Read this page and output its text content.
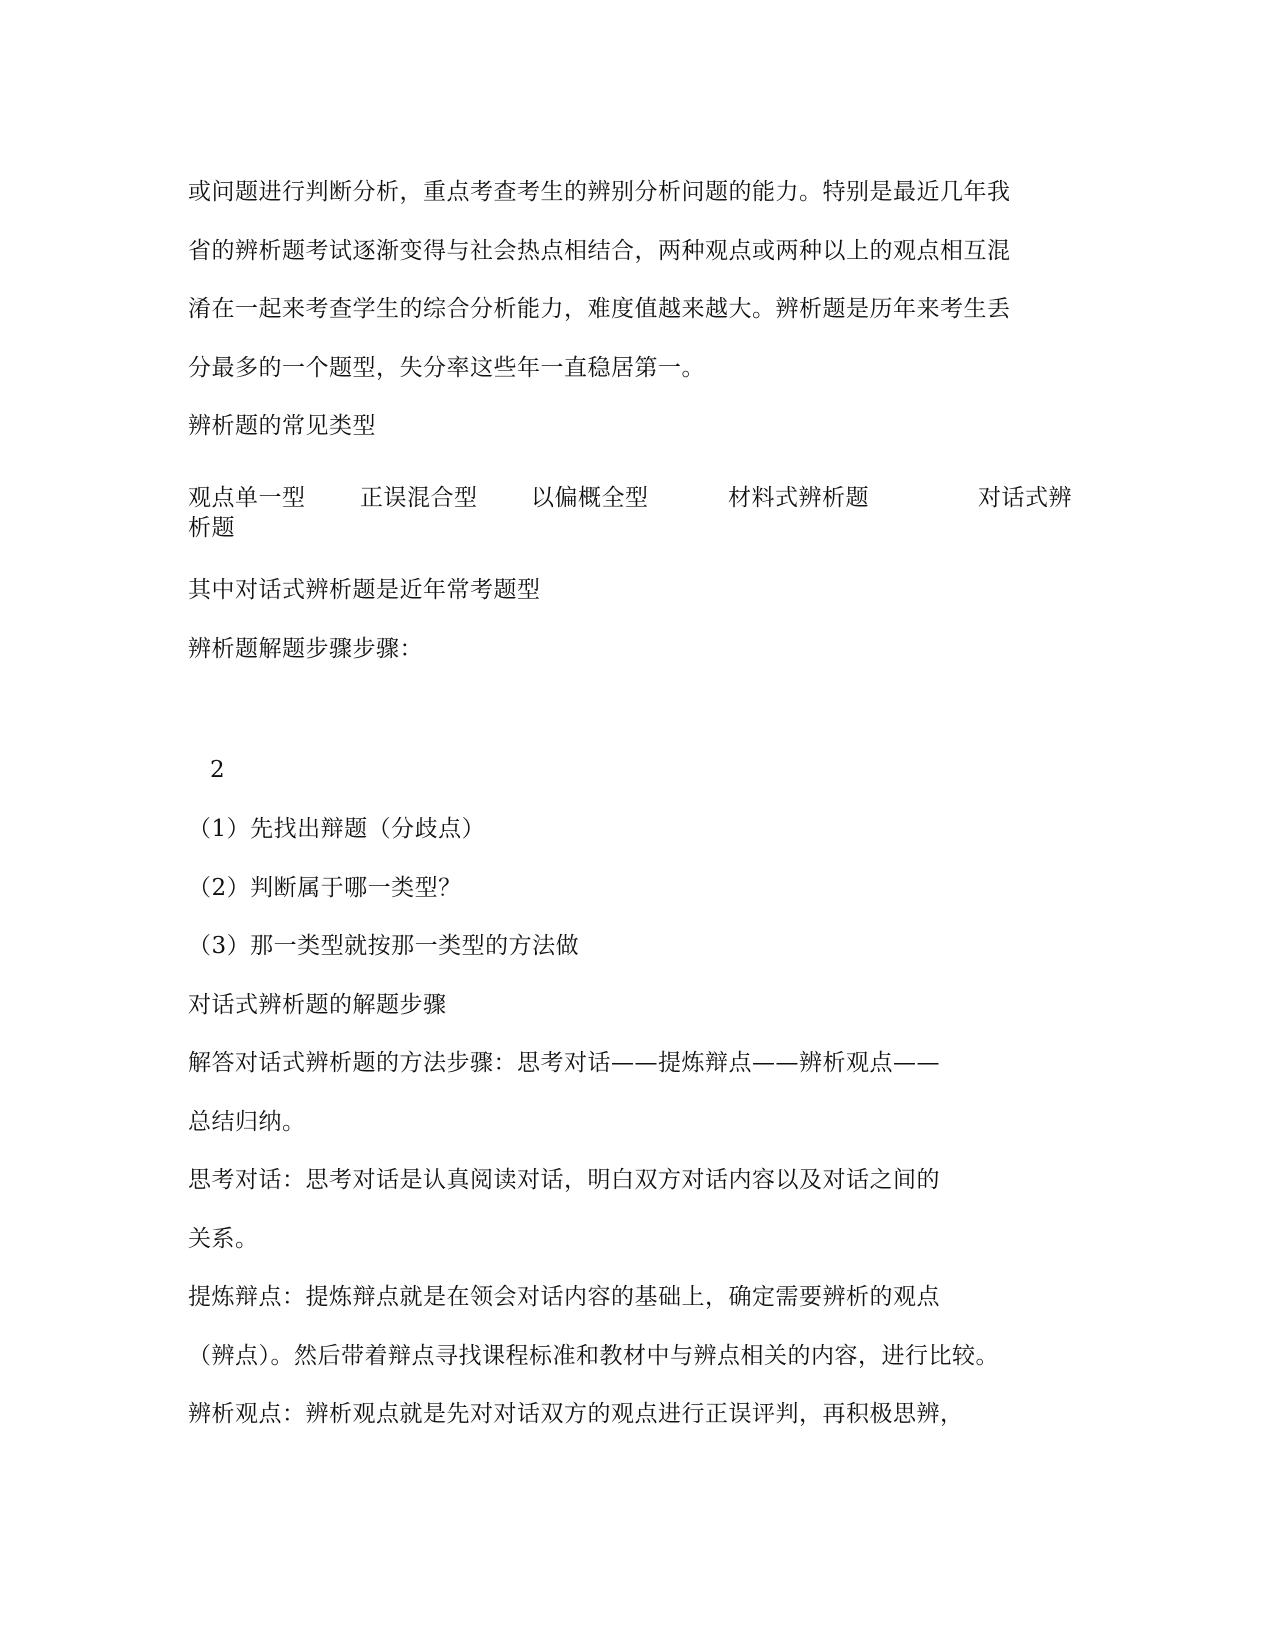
或问题进行判断分析，重点考查考生的辨别分析问题的能力。特别是最近几年我
省的辨析题考试逐渐变得与社会热点相结合，两种观点或两种以上的观点相互混
淆在一起来考查学生的综合分析能力，难度值越来越大。辨析题是历年来考生丢
分最多的一个题型，失分率这些年一直稳居第一。
辨析题的常见类型
观点单一型 正误混合型 以偏概全型	材料式辨析题	对话式辨
析题
其中对话式辨析题是近年常考题型
辨析题解题步骤步骤：
2
（1）先找出辩题（分歧点）
（2）判断属于哪一类型？
（3）那一类型就按那一类型的方法做
对话式辨析题的解题步骤
解答对话式辨析题的方法步骤：思考对话——提炼辩点——辨析观点——
总结归纳。
思考对话：思考对话是认真阅读对话，明白双方对话内容以及对话之间的
关系。
提炼辩点：提炼辩点就是在领会对话内容的基础上，确定需要辨析的观点
（辨点）。然后带着辩点寻找课程标准和教材中与辨点相关的内容，进行比较。
辨析观点：辨析观点就是先对对话双方的观点进行正误评判，再积极思辨，
